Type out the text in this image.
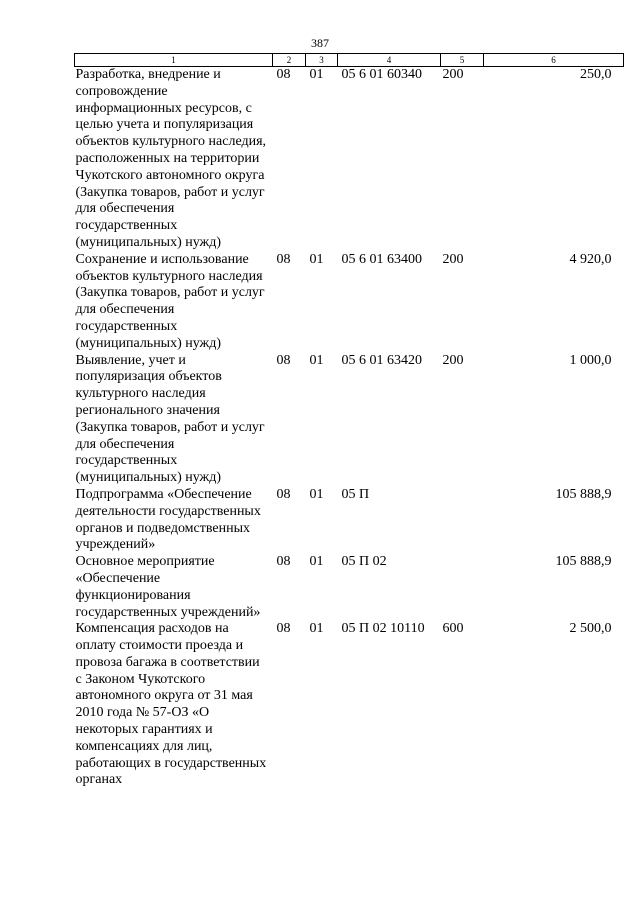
387
1	2	3	4	5	6
Разработка, внедрение и сопровождение информационных ресурсов, с целью учета и популяризация объектов культурного наследия, расположенных на территории Чукотского автономного округа (Закупка товаров, работ и услуг для обеспечения государственных (муниципальных) нужд)	08	01	05 6 01 60340	200	250,0
Сохранение и использование объектов культурного наследия (Закупка товаров, работ и услуг для обеспечения государственных (муниципальных) нужд)	08	01	05 6 01 63400	200	4 920,0
Выявление, учет и популяризация объектов культурного наследия регионального значения (Закупка товаров, работ и услуг для обеспечения государственных (муниципальных) нужд)	08	01	05 6 01 63420	200	1 000,0
Подпрограмма «Обеспечение деятельности государственных органов и подведомственных учреждений»	08	01	05 П		105 888,9
Основное мероприятие «Обеспечение функционирования государственных учреждений»	08	01	05 П 02		105 888,9
Компенсация расходов на оплату стоимости проезда и провоза багажа в соответствии с Законом Чукотского автономного округа от 31 мая 2010 года № 57-ОЗ «О некоторых гарантиях и компенсациях для лиц, работающих в государственных органах	08	01	05 П 02 10110	600	2 500,0
